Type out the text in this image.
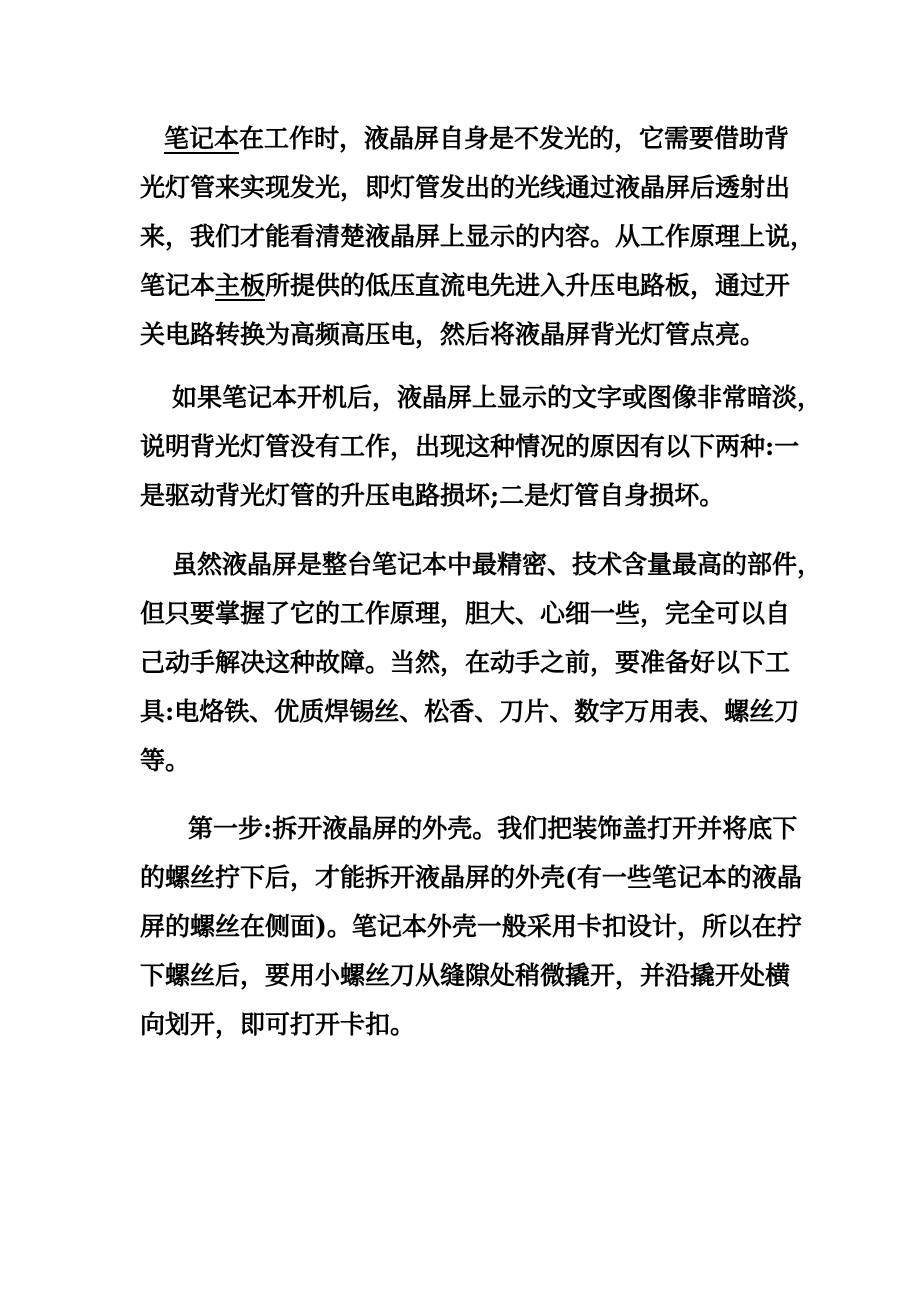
笔记本在工作时，液晶屏自身是不发光的，它需要借助背
光灯管来实现发光，即灯管发出的光线通过液晶屏后透射出
来，我们才能看清楚液晶屏上显示的内容。从工作原理上说，
笔记本主板所提供的低压直流电先进入升压电路板，通过开
关电路转换为高频高压电，然后将液晶屏背光灯管点亮。
如果笔记本开机后，液晶屏上显示的文字或图像非常暗淡，
说明背光灯管没有工作，出现这种情况的原因有以下两种:一
是驱动背光灯管的升压电路损坏;二是灯管自身损坏。
虽然液晶屏是整台笔记本中最精密、技术含量最高的部件，
但只要掌握了它的工作原理，胆大、心细一些，完全可以自
己动手解决这种故障。当然，在动手之前，要准备好以下工
具:电烙铁、优质焊锡丝、松香、刀片、数字万用表、螺丝刀
等。
第一步:拆开液晶屏的外壳。我们把装饰盖打开并将底下
的螺丝拧下后，才能拆开液晶屏的外壳(有一些笔记本的液晶
屏的螺丝在侧面)。笔记本外壳一般采用卡扣设计，所以在拧
下螺丝后，要用小螺丝刀从缝隙处稍微撬开，并沿撬开处横
向划开，即可打开卡扣。
